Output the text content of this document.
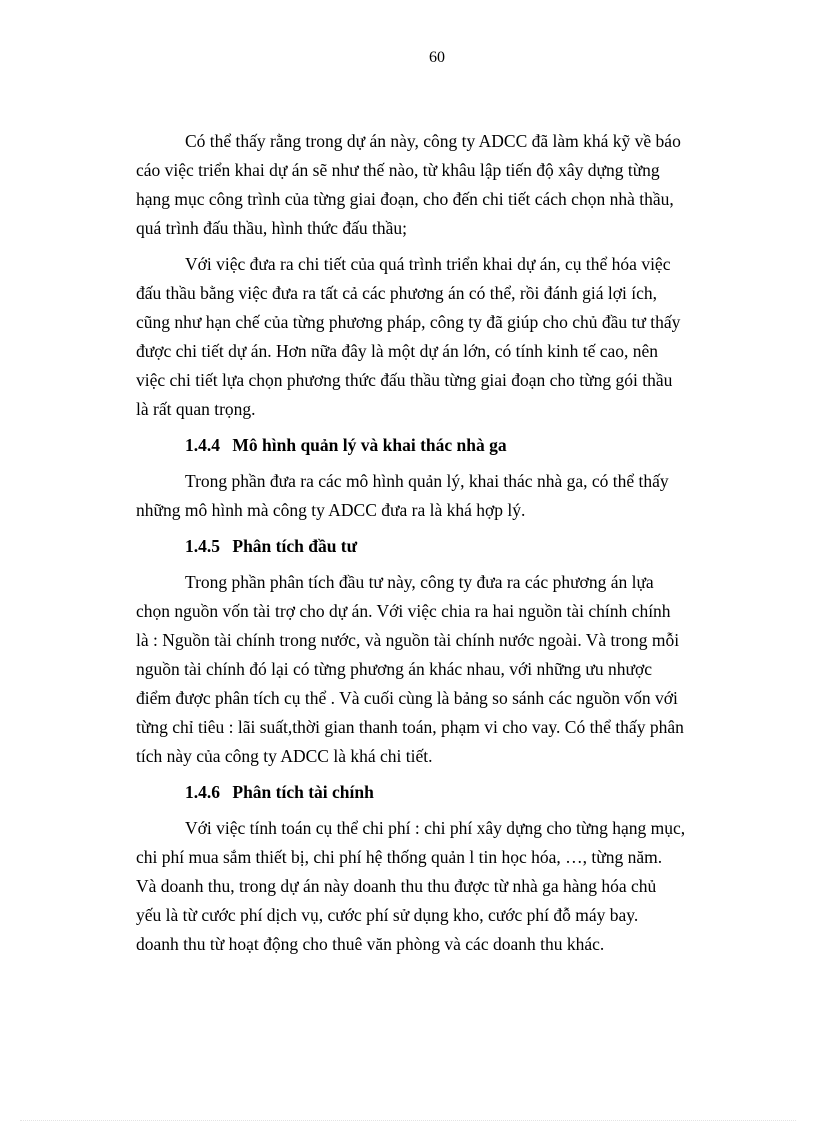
60
Có thể thấy rằng trong dự án này, công ty ADCC đã làm khá kỹ về báo
cáo việc triển khai dự án sẽ như thế nào, từ khâu lập tiến độ xây dựng từng
hạng mục công trình của từng giai đoạn, cho đến chi tiết cách chọn nhà thầu,
quá trình đấu thầu, hình thức đấu thầu;
Với việc đưa ra chi tiết của quá trình triển khai dự án, cụ thể hóa việc
đấu thầu bằng việc đưa ra tất cả các phương án có thể, rồi đánh giá lợi ích,
cũng như hạn chế của từng phương pháp, công ty đã giúp cho chủ đầu tư thấy
được chi tiết dự án. Hơn nữa đây là một dự án lớn, có tính kinh tế cao, nên
việc chi tiết lựa chọn phương thức đấu thầu từng giai đoạn cho từng gói thầu
là rất quan trọng.
1.4.4 Mô hình quản lý và khai thác nhà ga
Trong phần đưa ra các mô hình quản lý, khai thác nhà ga, có thể thấy
những mô hình mà công ty ADCC đưa ra là khá hợp lý.
1.4.5 Phân tích đầu tư
Trong phần phân tích đầu tư này, công ty đưa ra các phương án lựa
chọn nguồn vốn tài trợ cho dự án. Với việc chia ra hai nguồn tài chính chính
là : Nguồn tài chính trong nước, và nguồn tài chính nước ngoài. Và trong mỗi
nguồn tài chính đó lại có từng phương án khác nhau, với những ưu nhược
điểm được phân tích cụ thể . Và cuối cùng là bảng so sánh các nguồn vốn với
từng chỉ tiêu : lãi suất,thời gian thanh toán, phạm vi cho vay. Có thể thấy phân
tích này của công ty ADCC là khá chi tiết.
1.4.6 Phân tích tài chính
Với việc tính toán cụ thể chi phí : chi phí xây dựng cho từng hạng mục,
chi phí mua sắm thiết bị, chi phí hệ thống quản l tin học hóa, …, từng năm.
Và doanh thu, trong dự án này doanh thu thu được từ nhà ga hàng hóa chủ
yếu là từ cước phí dịch vụ, cước phí sử dụng kho, cước phí đỗ máy bay.
doanh thu từ hoạt động cho thuê văn phòng và các doanh thu khác.
